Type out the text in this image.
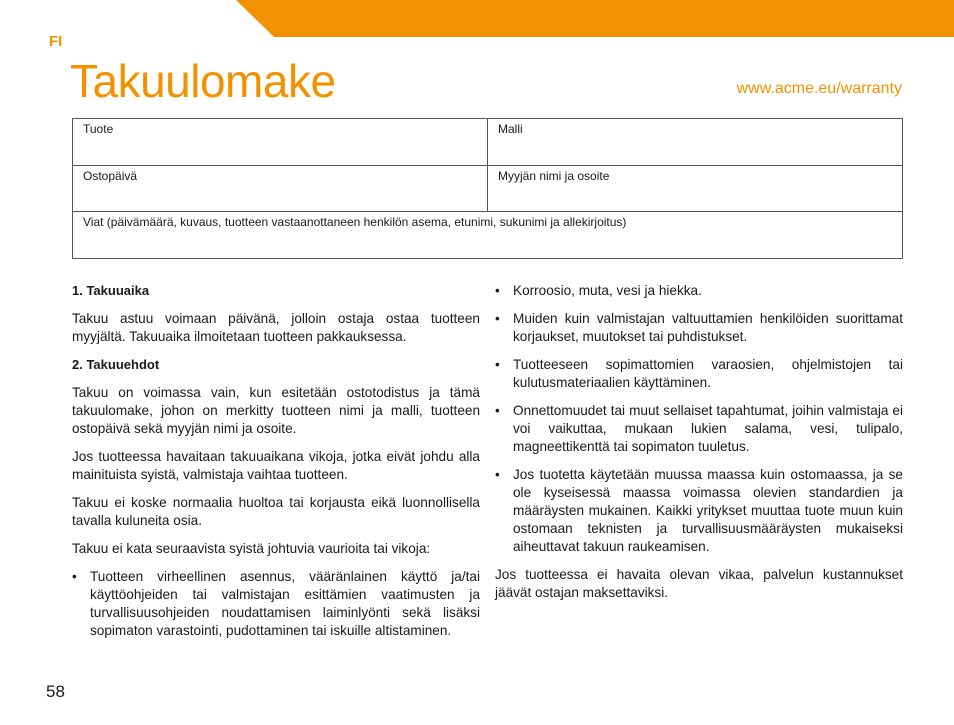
FI
Takuulomake	www.acme.eu/warranty
Tuote	Malli
Ostopäivä	Myyjän nimi ja osoite
Viat (päivämäärä, kuvaus, tuotteen vastaanottaneen henkilön asema, etunimi, sukunimi ja allekirjoitus)
1. Takuuaika

Takuu astuu voimaan päivänä, jolloin ostaja ostaa tuotteen myyjältä. Takuuaika ilmoitetaan tuotteen pakkauksessa.

2. Takuuehdot

Takuu on voimassa vain, kun esitetään ostotodistus ja tämä takuulomake, johon on merkitty tuotteen nimi ja malli, tuotteen ostopäivä sekä myyjän nimi ja osoite.

Jos tuotteessa havaitaan takuuaikana vikoja, jotka eivät johdu alla mainituista syistä, valmistaja vaihtaa tuotteen.

Takuu ei koske normaalia huoltoa tai korjausta eikä luonnollisella tavalla kuluneita osia.

Takuu ei kata seuraavista syistä johtuvia vaurioita tai vikoja:

• Tuotteen virheellinen asennus, vääränlainen käyttö ja/tai käyttöohjeiden tai valmistajan esittämien vaatimusten ja turvallisuusohjeiden noudattamisen laiminlyönti sekä lisäksi sopimaton varastointi, pudottaminen tai iskuille altistaminen.
• Korroosio, muta, vesi ja hiekka.
• Muiden kuin valmistajan valtuuttamien henkilöiden suorittamat korjaukset, muutokset tai puhdistukset.
• Tuotteeseen sopimattomien varaosien, ohjelmistojen tai kulutusmateriaalien käyttäminen.
• Onnettomuudet tai muut sellaiset tapahtumat, joihin valmistaja ei voi vaikuttaa, mukaan lukien salama, vesi, tulipalo, magneettikenttä tai sopimaton tuuletus.
• Jos tuotetta käytetään muussa maassa kuin ostomaassa, ja se ole kyseisessä maassa voimassa olevien standardien ja määräysten mukainen. Kaikki yritykset muuttaa tuote muun kuin ostomaan teknisten ja turvallisuusmääräysten mukaiseksi aiheuttavat takuun raukeamisen.

Jos tuotteessa ei havaita olevan vikaa, palvelun kustannukset jäävät ostajan maksettaviksi.

58
